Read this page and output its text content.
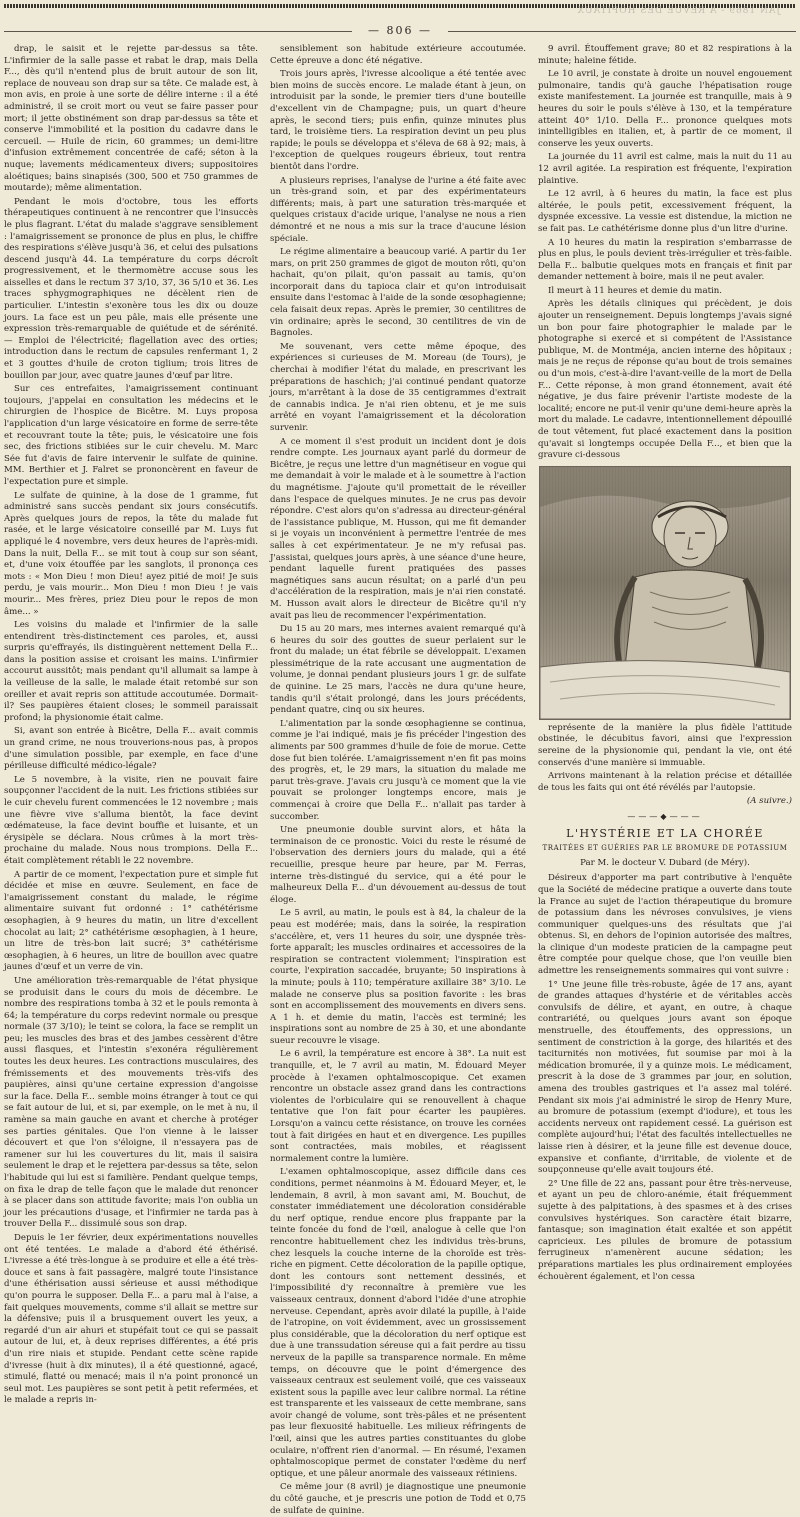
JAN 1869 - A REVUE DES HÔPITAUX
— 806 —

drap, le saisit et le rejette par-dessus sa tête. L'infirmier de la salle passe et rabat le drap, mais Della F..., dès qu'il n'entend plus de bruit autour de son lit, replace de nouveau son drap sur sa tête. Ce malade est, à mon avis, en proie à une sorte de délire interne : il a été administré, il se croit mort ou veut se faire passer pour mort; il jette obstinément son drap par-dessus sa tête et conserve l'immobilité et la position du cadavre dans le cercueil. — Huile de ricin, 60 grammes; un demi-litre d'infusion extrêmement concentrée de café; séton à la nuque; lavements médicamenteux divers; suppositoires aloétiques; bains sinapisés (300, 500 et 750 grammes de moutarde); même alimentation.

Pendant le mois d'octobre, tous les efforts thérapeutiques continuent à ne rencontrer que l'insuccès le plus flagrant. L'état du malade s'aggrave sensiblement : l'amaigrissement se prononce de plus en plus, le chiffre des respirations s'élève jusqu'à 36, et celui des pulsations descend jusqu'à 44. La température du corps décroît progressivement, et le thermomètre accuse sous les aisselles et dans le rectum 37 3/10, 37, 36 5/10 et 36. Les traces sphygmographiques ne décèlent rien de particulier. L'intestin s'exonère tous les dix ou douze jours. La face est un peu pâle, mais elle présente une expression très-remarquable de quiétude et de sérénité. — Emploi de l'électricité; flagellation avec des orties; introduction dans le rectum de capsules renfermant 1, 2 et 3 gouttes d'huile de croton tiglium; trois litres de bouillon par jour, avec quatre jaunes d'œuf par litre.

Sur ces entrefaites, l'amaigrissement continuant toujours, j'appelai en consultation les médecins et le chirurgien de l'hospice de Bicêtre. M. Luys proposa l'application d'un large vésicatoire en forme de serre-tête et recouvrant toute la tête; puis, le vésicatoire une fois sec, des frictions stibiées sur le cuir chevelu. M. Marc Sée fut d'avis de faire intervenir le sulfate de quinine. MM. Berthier et J. Falret se prononcèrent en faveur de l'expectation pure et simple.

Le sulfate de quinine, à la dose de 1 gramme, fut administré sans succès pendant six jours consécutifs. Après quelques jours de repos, la tête du malade fut rasée, et le large vésicatoire conseillé par M. Luys fut appliqué le 4 novembre, vers deux heures de l'après-midi. Dans la nuit, Della F... se mit tout à coup sur son séant, et, d'une voix étouffée par les sanglots, il prononça ces mots : « Mon Dieu ! mon Dieu! ayez pitié de moi! Je suis perdu, je vais mourir... Mon Dieu ! mon Dieu ! je vais mourir... Mes frères, priez Dieu pour le repos de mon âme... »

Les voisins du malade et l'infirmier de la salle entendirent très-distinctement ces paroles, et, aussi surpris qu'effrayés, ils distinguèrent nettement Della F... dans la position assise et croisant les mains. L'infirmier accourut aussitôt; mais pendant qu'il allumait sa lampe à la veilleuse de la salle, le malade était retombé sur son oreiller et avait repris son attitude accoutumée. Dormait-il? Ses paupières étaient closes; le sommeil paraissait profond; la physionomie était calme.

Si, avant son entrée à Bicêtre, Della F... avait commis un grand crime, ne nous trouverions-nous pas, à propos d'une simulation possible, par exemple, en face d'une périlleuse difficulté médico-légale?

Le 5 novembre, à la visite, rien ne pouvait faire soupçonner l'accident de la nuit. Les frictions stibiées sur le cuir chevelu furent commencées le 12 novembre ; mais une fièvre vive s'alluma bientôt, la face devint œdémateuse, la face devint bouffie et luisante, et un érysipèle se déclara. Nous crûmes à la mort très-prochaine du malade. Nous nous trompions. Della F... était complètement rétabli le 22 novembre.

A partir de ce moment, l'expectation pure et simple fut décidée et mise en œuvre. Seulement, en face de l'amaigrissement constant du malade, le régime alimentaire suivant fut ordonné : 1° cathétérisme œsophagien, à 9 heures du matin, un litre d'excellent chocolat au lait; 2° cathétérisme œsophagien, à 1 heure, un litre de très-bon lait sucré; 3° cathétérisme œsophagien, à 6 heures, un litre de bouillon avec quatre jaunes d'œuf et un verre de vin.

Une amélioration très-remarquable de l'état physique se produisit dans le cours du mois de décembre. Le nombre des respirations tomba à 32 et le pouls remonta à 64; la température du corps redevint normale ou presque normale (37 3/10); le teint se colora, la face se remplit un peu; les muscles des bras et des jambes cessèrent d'être aussi flasques, et l'intestin s'exonéra régulièrement toutes les deux heures. Les contractions musculaires, des frémissements et des mouvements très-vifs des paupières, ainsi qu'une certaine expression d'angoisse sur la face. Della F... semble moins étranger à tout ce qui se fait autour de lui, et si, par exemple, on le met à nu, il ramène sa main gauche en avant et cherche à protéger ses parties génitales. Que l'on vienne à le laisser découvert et que l'on s'éloigne, il n'essayera pas de ramener sur lui les couvertures du lit, mais il saisira seulement le drap et le rejettera par-dessus sa tête, selon l'habitude qui lui est si familière. Pendant quelque temps, on fixa le drap de telle façon que le malade dut renoncer à se placer dans son attitude favorite; mais l'on oublia un jour les précautions d'usage, et l'infirmier ne tarda pas à trouver Della F... dissimulé sous son drap.

Depuis le 1er février, deux expérimentations nouvelles ont été tentées. Le malade a d'abord été éthérisé. L'ivresse a été très-longue à se produire et elle a été très-douce et sans à fait passagère, malgré toute l'insistance d'une éthérisation aussi sérieuse et aussi méthodique qu'on pourra le supposer. Della F... a paru mal à l'aise, a fait quelques mouvements, comme s'il allait se mettre sur la défensive; puis il a brusquement ouvert les yeux, a regardé d'un air ahuri et stupéfait tout ce qui se passait autour de lui, et, à deux reprises différentes, a été pris d'un rire niais et stupide. Pendant cette scène rapide d'ivresse (huit à dix minutes), il a été questionné, agacé, stimulé, flatté ou menacé; mais il n'a point prononcé un seul mot. Les paupières se sont petit à petit refermées, et le malade a repris in-

sensiblement son habitude extérieure accoutumée. Cette épreuve a donc été négative.

Trois jours après, l'ivresse alcoolique a été tentée avec bien moins de succès encore. Le malade étant à jeun, on introduisit par la sonde, le premier tiers d'une bouteille d'excellent vin de Champagne; puis, un quart d'heure après, le second tiers; puis enfin, quinze minutes plus tard, le troisième tiers. La respiration devint un peu plus rapide; le pouls se développa et s'éleva de 68 à 92; mais, à l'exception de quelques rougeurs ébrieux, tout rentra bientôt dans l'ordre.

A plusieurs reprises, l'analyse de l'urine a été faite avec un très-grand soin, et par des expérimentateurs différents; mais, à part une saturation très-marquée et quelques cristaux d'acide urique, l'analyse ne nous a rien démontré et ne nous a mis sur la trace d'aucune lésion spéciale.

Le régime alimentaire a beaucoup varié. A partir du 1er mars, on prit 250 grammes de gigot de mouton rôti, qu'on hachait, qu'on pilait, qu'on passait au tamis, qu'on incorporait dans du tapioca clair et qu'on introduisait ensuite dans l'estomac à l'aide de la sonde œsophagienne; cela faisait deux repas. Après le premier, 30 centilitres de vin ordinaire; après le second, 30 centilitres de vin de Bagnoles.

Me souvenant, vers cette même époque, des expériences si curieuses de M. Moreau (de Tours), je cherchai à modifier l'état du malade, en prescrivant les préparations de haschich; j'ai continué pendant quatorze jours, m'arrêtant à la dose de 35 centigrammes d'extrait de cannabis indica. Je n'ai rien obtenu, et je me suis arrêté en voyant l'amaigrissement et la décoloration survenir.

A ce moment il s'est produit un incident dont je dois rendre compte. Les journaux ayant parlé du dormeur de Bicêtre, je reçus une lettre d'un magnétiseur en vogue qui me demandait à voir le malade et à le soumettre à l'action du magnétisme. J'ajoute qu'il promettait de le réveiller dans l'espace de quelques minutes. Je ne crus pas devoir répondre. C'est alors qu'on s'adressa au directeur-général de l'assistance publique, M. Husson, qui me fit demander si je voyais un inconvénient à permettre l'entrée de mes salles à cet expérimentateur. Je ne m'y refusai pas. J'assistai, quelques jours après, à une séance d'une heure, pendant laquelle furent pratiquées des passes magnétiques sans aucun résultat; on a parlé d'un peu d'accélération de la respiration, mais je n'ai rien constaté. M. Husson avait alors le directeur de Bicêtre qu'il n'y avait pas lieu de recommencer l'expérimentation.

Du 15 au 20 mars, mes internes avaient remarqué qu'à 6 heures du soir des gouttes de sueur perlaient sur le front du malade; un état fébrile se développait. L'examen plessimétrique de la rate accusant une augmentation de volume, je donnai pendant plusieurs jours 1 gr. de sulfate de quinine. Le 25 mars, l'accès ne dura qu'une heure, tandis qu'il s'était prolongé, dans les jours précédents, pendant quatre, cinq ou six heures.

L'alimentation par la sonde œsophagienne se continua, comme je l'ai indiqué, mais je fis précéder l'ingestion des aliments par 500 grammes d'huile de foie de morue. Cette dose fut bien tolérée. L'amaigrissement n'en fit pas moins des progrès, et, le 29 mars, la situation du malade me parut très-grave. J'avais cru jusqu'à ce moment que la vie pouvait se prolonger longtemps encore, mais je commençai à croire que Della F... n'allait pas tarder à succomber.

Une pneumonie double survint alors, et hâta la terminaison de ce pronostic. Voici du reste le résumé de l'observation des derniers jours du malade, qui a été recueillie, presque heure par heure, par M. Ferras, interne très-distingué du service, qui a été pour le malheureux Della F... d'un dévouement au-dessus de tout éloge.

Le 5 avril, au matin, le pouls est à 84, la chaleur de la peau est modérée; mais, dans la soirée, la respiration s'accélère, et, vers 11 heures du soir, une dyspnée très-forte apparaît; les muscles ordinaires et accessoires de la respiration se contractent violemment; l'inspiration est courte, l'expiration saccadée, bruyante; 50 inspirations à la minute; pouls à 110; température axillaire 38° 3/10. Le malade ne conserve plus sa position favorite : les bras sont en accomplissement des mouvements en divers sens. A 1 h. et demie du matin, l'accès est terminé; les inspirations sont au nombre de 25 à 30, et une abondante sueur recouvre le visage.

Le 6 avril, la température est encore à 38°. La nuit est tranquille, et, le 7 avril au matin, M. Édouard Meyer procède à l'examen ophtalmoscopique. Cet examen rencontre un obstacle assez grand dans les contractions violentes de l'orbiculaire qui se renouvellent à chaque tentative que l'on fait pour écarter les paupières. Lorsqu'on a vaincu cette résistance, on trouve les cornées tout à fait dirigées en haut et en divergence. Les pupilles sont contractées, mais mobiles, et réagissent normalement contre la lumière.

L'examen ophtalmoscopique, assez difficile dans ces conditions, permet néanmoins à M. Édouard Meyer, et, le lendemain, 8 avril, à mon savant ami, M. Bouchut, de constater immédiatement une décoloration considérable du nerf optique, rendue encore plus frappante par la teinte foncée du fond de l'œil, analogue à celle que l'on rencontre habituellement chez les individus très-bruns, chez lesquels la couche interne de la choroïde est très-riche en pigment. Cette décoloration de la papille optique, dont les contours sont nettement dessinés, et l'impossibilité d'y reconnaître à première vue les vaisseaux centraux, donnent d'abord l'idée d'une atrophie nerveuse. Cependant, après avoir dilaté la pupille, à l'aide de l'atropine, on voit évidemment, avec un grossissement plus considérable, que la décoloration du nerf optique est due à une transsudation séreuse qui a fait perdre au tissu nerveux de la papille sa transparence normale. En même temps, on découvre que le point d'émergence des vaisseaux centraux est seulement voilé, que ces vaisseaux existent sous la papille avec leur calibre normal. La rétine est transparente et les vaisseaux de cette membrane, sans avoir changé de volume, sont très-pâles et ne présentent pas leur flexuosité habituelle. Les milieux réfringents de l'œil, ainsi que les autres parties constituantes du globe oculaire, n'offrent rien d'anormal. — En résumé, l'examen ophtalmoscopique permet de constater l'œdème du nerf optique, et une pâleur anormale des vaisseaux rétiniens.

Ce même jour (8 avril) je diagnostique une pneumonie du côté gauche, et je prescris une potion de Todd et 0,75 de sulfate de quinine.

9 avril. Étouffement grave; 80 et 82 respirations à la minute; haleine fétide.

Le 10 avril, je constate à droite un nouvel engouement pulmonaire, tandis qu'à gauche l'hépatisation rouge existe manifestement. La journée est tranquille, mais à 9 heures du soir le pouls s'élève à 130, et la température atteint 40° 1/10. Della F... prononce quelques mots inintelligibles en italien, et, à partir de ce moment, il conserve les yeux ouverts.

La journée du 11 avril est calme, mais la nuit du 11 au 12 avril agitée. La respiration est fréquente, l'expiration plaintive.

Le 12 avril, à 6 heures du matin, la face est plus altérée, le pouls petit, excessivement fréquent, la dyspnée excessive. La vessie est distendue, la miction ne se fait pas. Le cathétérisme donne plus d'un litre d'urine.

A 10 heures du matin la respiration s'embarrasse de plus en plus, le pouls devient très-irrégulier et très-faible. Della F... balbutie quelques mots en français et finit par demander nettement à boire, mais il ne peut avaler.

Il meurt à 11 heures et demie du matin.

Après les détails cliniques qui précèdent, je dois ajouter un renseignement. Depuis longtemps j'avais signé un bon pour faire photographier le malade par le photographe si exercé et si compétent de l'Assistance publique, M. de Montméja, ancien interne des hôpitaux ; mais je ne reçus de réponse qu'au bout de trois semaines ou d'un mois, c'est-à-dire l'avant-veille de la mort de Della F... Cette réponse, à mon grand étonnement, avait été négative, je dus faire prévenir l'artiste modeste de la localité; encore ne put-il venir qu'une demi-heure après la mort du malade. Le cadavre, intentionnellement dépouillé de tout vêtement, fut placé exactement dans la position qu'avait si longtemps occupée Della F..., et bien que la gravure ci-dessous

représente de la manière la plus fidèle l'attitude obstinée, le décubitus favori, ainsi que l'expression sereine de la physionomie qui, pendant la vie, ont été conservés d'une manière si immuable.

Arrivons maintenant à la relation précise et détaillée de tous les faits qui ont été révélés par l'autopsie.

(A suivre.)
———◆———
L'HYSTÉRIE ET LA CHORÉE
TRAITÉES ET GUÉRIES PAR LE BROMURE DE POTASSIUM
Par M. le docteur V. Dubard (de Méry).

Désireux d'apporter ma part contributive à l'enquête que la Société de médecine pratique a ouverte dans toute la France au sujet de l'action thérapeutique du bromure de potassium dans les névroses convulsives, je viens communiquer quelques-uns des résultats que j'ai obtenus. Si, en dehors de l'opinion autorisée des maîtres, la clinique d'un modeste praticien de la campagne peut être comptée pour quelque chose, que l'on veuille bien admettre les renseignements sommaires qui vont suivre :

1° Une jeune fille très-robuste, âgée de 17 ans, ayant de grandes attaques d'hystérie et de véritables accès convulsifs de délire, et ayant, en outre, à chaque contrariété, ou quelques jours avant son époque menstruelle, des étouffements, des oppressions, un sentiment de constriction à la gorge, des hilarités et des taciturnités non motivées, fut soumise par moi à la médication bromurée, il y a quinze mois. Le médicament, prescrit à la dose de 3 grammes par jour, en solution, amena des troubles gastriques et l'a assez mal toléré. Pendant six mois j'ai administré le sirop de Henry Mure, au bromure de potassium (exempt d'iodure), et tous les accidents nerveux ont rapidement cessé. La guérison est complète aujourd'hui; l'état des facultés intellectuelles ne laisse rien à désirer, et la jeune fille est devenue douce, expansive et confiante, d'irritable, de violente et de soupçonneuse qu'elle avait toujours été.

2° Une fille de 22 ans, passant pour être très-nerveuse, et ayant un peu de chloro-anémie, était fréquemment sujette à des palpitations, à des spasmes et à des crises convulsives hystériques. Son caractère était bizarre, fantasque; son imagination était exaltée et son appétit capricieux. Les pilules de bromure de potassium ferrugineux n'amenèrent aucune sédation; les préparations martiales les plus ordinairement employées échouèrent également, et l'on cessa
